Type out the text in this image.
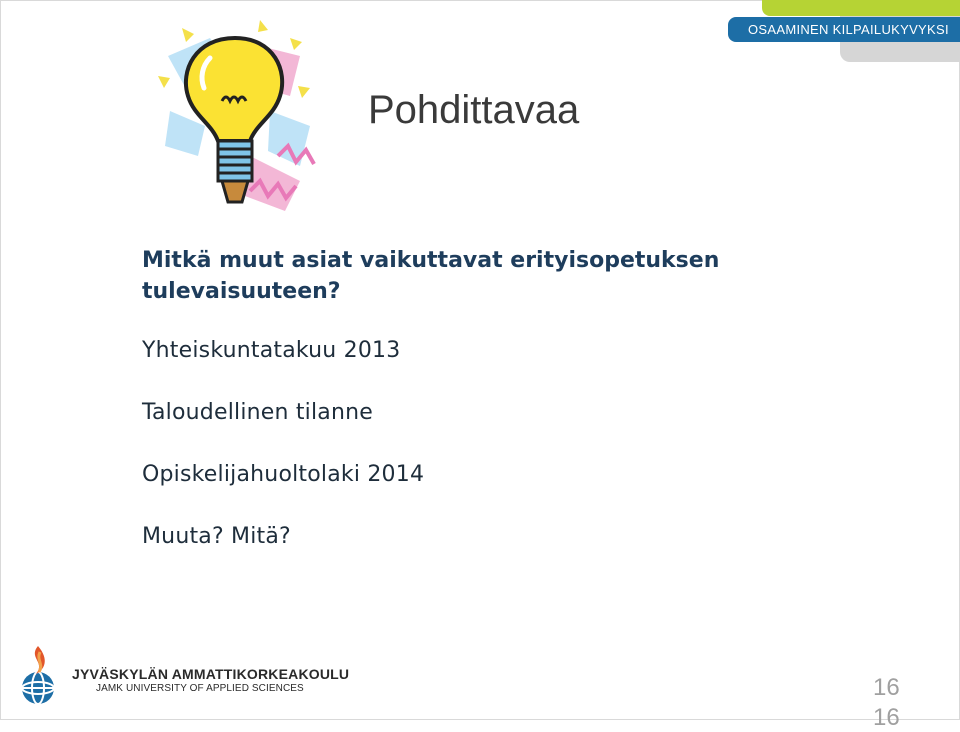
OSAAMINEN KILPAILUKYVYKSI
Pohdittavaa

Mitkä muut asiat vaikuttavat erityisopetuksen tulevaisuuteen?

Yhteiskuntatakuu 2013

Taloudellinen tilanne

Opiskelijahuoltolaki 2014

Muuta? Mitä?

JYVÄSKYLÄN AMMATTIKORKEAKOULU
JAMK UNIVERSITY OF APPLIED SCIENCES	16
16
